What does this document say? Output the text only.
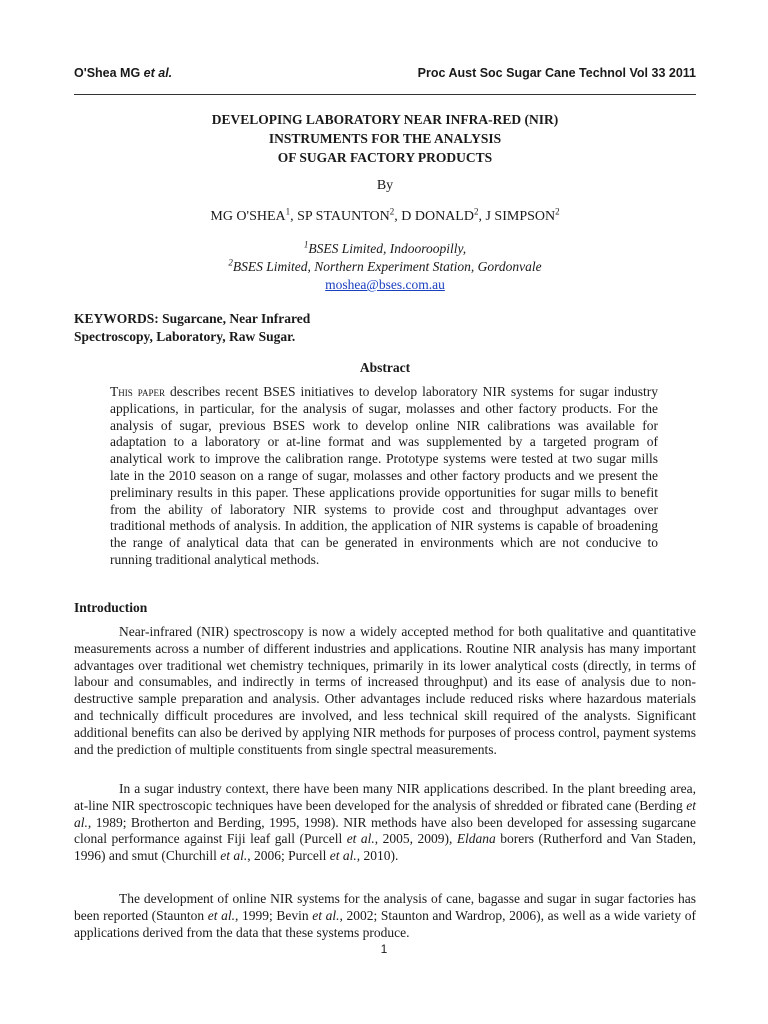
O'Shea MG et al.	Proc Aust Soc Sugar Cane Technol Vol 33 2011
DEVELOPING LABORATORY NEAR INFRA-RED (NIR)
INSTRUMENTS FOR THE ANALYSIS
OF SUGAR FACTORY PRODUCTS
By
MG O'SHEA$^1$, SP STAUNTON$^2$, D DONALD$^2$, J SIMPSON$^2$
$^1$BSES Limited, Indooroopilly,
$^2$BSES Limited, Northern Experiment Station, Gordonvale
moshea@bses.com.au
KEYWORDS: Sugarcane, Near Infrared Spectroscopy, Laboratory, Raw Sugar.
Abstract

This paper describes recent BSES initiatives to develop laboratory NIR systems for sugar industry applications, in particular, for the analysis of sugar, molasses and other factory products. For the analysis of sugar, previous BSES work to develop online NIR calibrations was available for adaptation to a laboratory or at-line format and was supplemented by a targeted program of analytical work to improve the calibration range. Prototype systems were tested at two sugar mills late in the 2010 season on a range of sugar, molasses and other factory products and we present the preliminary results in this paper. These applications provide opportunities for sugar mills to benefit from the ability of laboratory NIR systems to provide cost and throughput advantages over traditional methods of analysis. In addition, the application of NIR systems is capable of broadening the range of analytical data that can be generated in environments which are not conducive to running traditional analytical methods.

Introduction

Near-infrared (NIR) spectroscopy is now a widely accepted method for both qualitative and quantitative measurements across a number of different industries and applications. Routine NIR analysis has many important advantages over traditional wet chemistry techniques, primarily in its lower analytical costs (directly, in terms of labour and consumables, and indirectly in terms of increased throughput) and its ease of analysis due to non-destructive sample preparation and analysis. Other advantages include reduced risks where hazardous materials and technically difficult procedures are involved, and less technical skill required of the analysts. Significant additional benefits can also be derived by applying NIR methods for purposes of process control, payment systems and the prediction of multiple constituents from single spectral measurements.

In a sugar industry context, there have been many NIR applications described. In the plant breeding area, at-line NIR spectroscopic techniques have been developed for the analysis of shredded or fibrated cane (Berding et al., 1989; Brotherton and Berding, 1995, 1998). NIR methods have also been developed for assessing sugarcane clonal performance against Fiji leaf gall (Purcell et al., 2005, 2009), Eldana borers (Rutherford and Van Staden, 1996) and smut (Churchill et al., 2006; Purcell et al., 2010).

The development of online NIR systems for the analysis of cane, bagasse and sugar in sugar factories has been reported (Staunton et al., 1999; Bevin et al., 2002; Staunton and Wardrop, 2006), as well as a wide variety of applications derived from the data that these systems produce.

1
